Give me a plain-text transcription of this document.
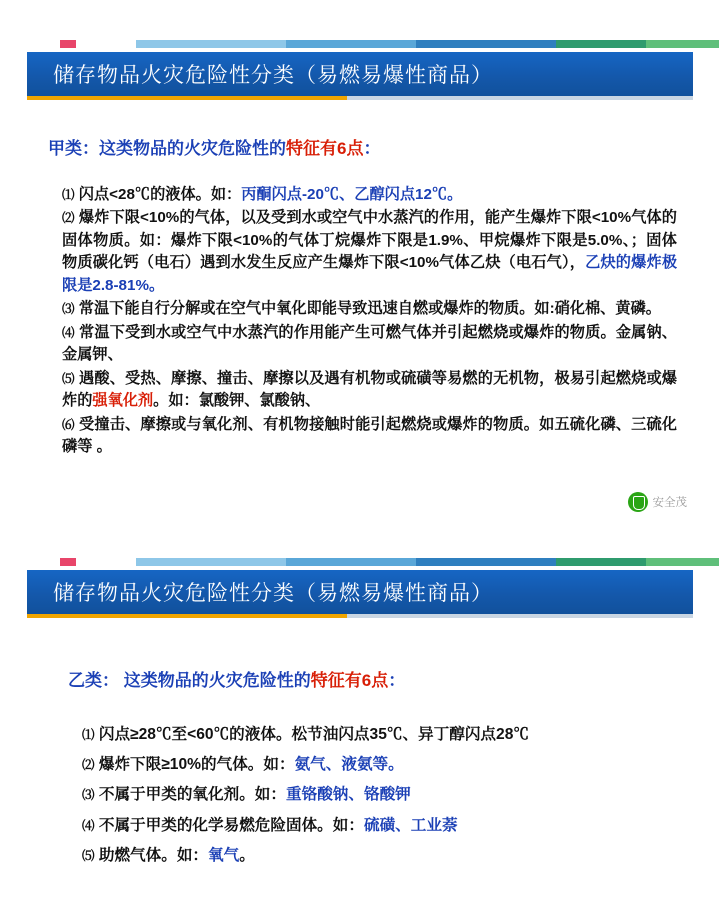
储存物品火灾危险性分类（易燃易爆性商品）
甲类：这类物品的火灾危险性的特征有6点：
⑴ 闪点<28℃的液体。如：丙酮闪点-20℃、乙醇闪点12℃。
⑵ 爆炸下限<10%的气体，以及受到水或空气中水蒸汽的作用，能产生爆炸下限<10%气体的固体物质。如：爆炸下限<10%的气体丁烷爆炸下限是1.9%、甲烷爆炸下限是5.0%、；固体物质碳化钙（电石）遇到水发生反应产生爆炸下限<10%气体乙炔（电石气），乙炔的爆炸极限是2.8-81%。
⑶ 常温下能自行分解或在空气中氧化即能导致迅速自燃或爆炸的物质。如:硝化棉、黄磷。
⑷ 常温下受到水或空气中水蒸汽的作用能产生可燃气体并引起燃烧或爆炸的物质。金属钠、金属钾、
⑸ 遇酸、受热、摩擦、撞击、摩擦以及遇有机物或硫磺等易燃的无机物，极易引起燃烧或爆炸的强氧化剂。如：氯酸钾、氯酸钠、
⑹ 受撞击、摩擦或与氧化剂、有机物接触时能引起燃烧或爆炸的物质。如五硫化磷、三硫化磷等 。
安全茂
储存物品火灾危险性分类（易燃易爆性商品）
乙类： 这类物品的火灾危险性的特征有6点：
⑴ 闪点≥28℃至<60℃的液体。松节油闪点35℃、异丁醇闪点28℃
⑵ 爆炸下限≥10%的气体。如：氨气、液氨等。
⑶ 不属于甲类的氧化剂。如：重铬酸钠、铬酸钾
⑷ 不属于甲类的化学易燃危险固体。如：硫磺、工业萘
⑸ 助燃气体。如：氧气。
